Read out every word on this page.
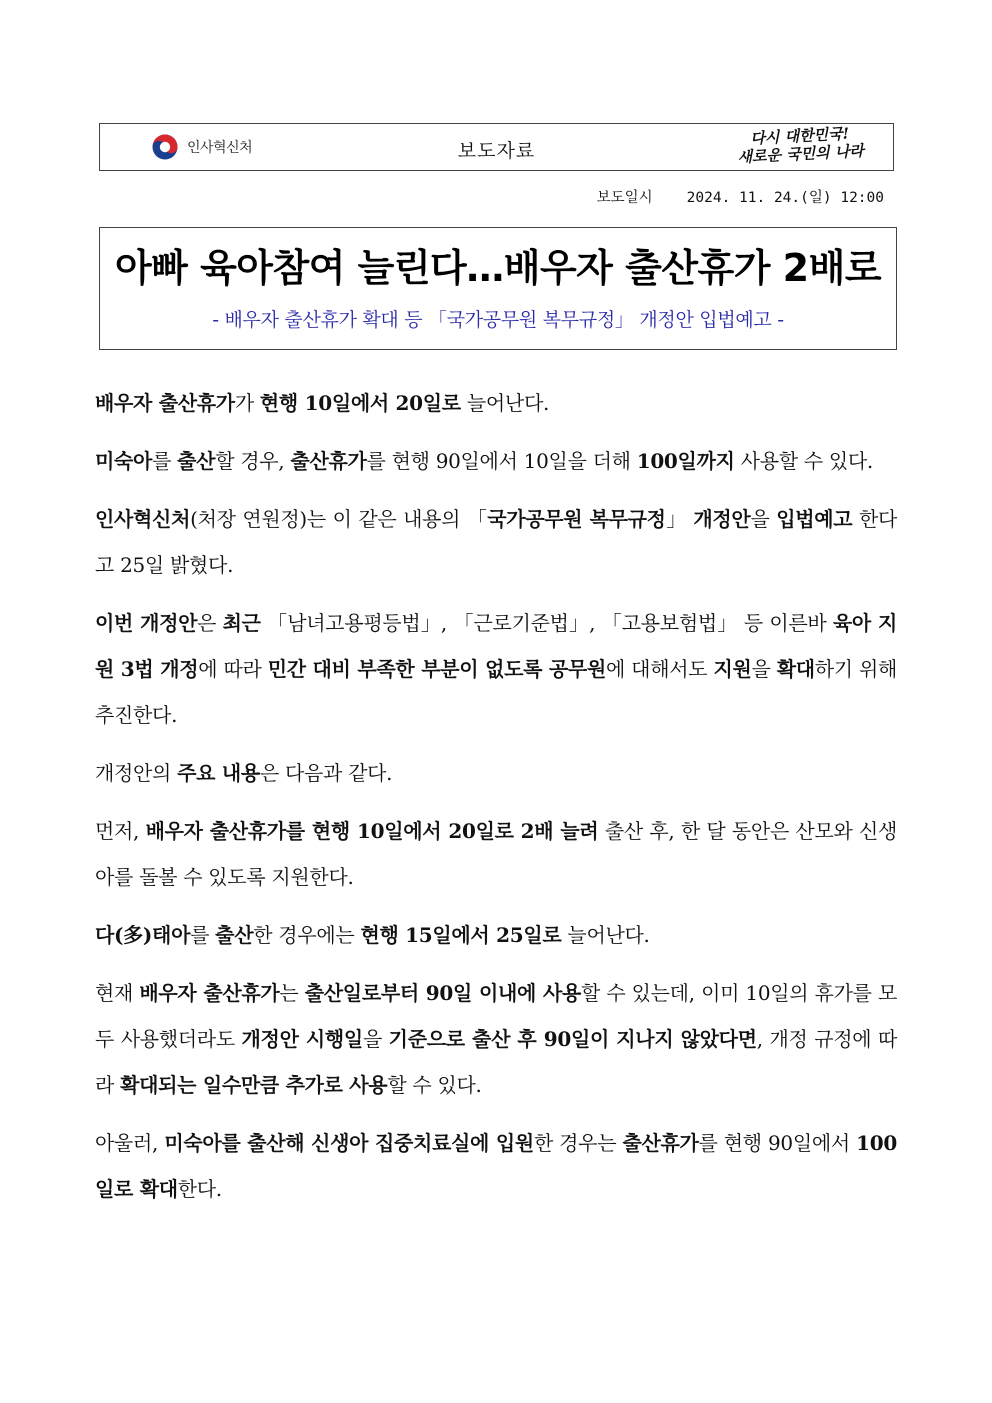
인사혁신처	보도자료
다시 대한민국!
새로운 국민의 나라
보도일시 2024. 11. 24.(일) 12:00
아빠 육아참여 늘린다…배우자 출산휴가 2배로
- 배우자 출산휴가 확대 등 「국가공무원 복무규정」 개정안 입법예고 -

배우자 출산휴가가 현행 10일에서 20일로 늘어난다.

미숙아를 출산할 경우, 출산휴가를 현행 90일에서 10일을 더해 100일까지 사용할 수 있다.

인사혁신처(처장 연원정)는 이 같은 내용의 「국가공무원 복무규정」 개정안을 입법예고 한다고 25일 밝혔다.

이번 개정안은 최근 「남녀고용평등법」, 「근로기준법」, 「고용보험법」 등 이른바 육아 지원 3법 개정에 따라 민간 대비 부족한 부분이 없도록 공무원에 대해서도 지원을 확대하기 위해 추진한다.

개정안의 주요 내용은 다음과 같다.

먼저, 배우자 출산휴가를 현행 10일에서 20일로 2배 늘려 출산 후, 한 달 동안은 산모와 신생아를 돌볼 수 있도록 지원한다.

다(多)태아를 출산한 경우에는 현행 15일에서 25일로 늘어난다.

현재 배우자 출산휴가는 출산일로부터 90일 이내에 사용할 수 있는데, 이미 10일의 휴가를 모두 사용했더라도 개정안 시행일을 기준으로 출산 후 90일이 지나지 않았다면, 개정 규정에 따라 확대되는 일수만큼 추가로 사용할 수 있다.

아울러, 미숙아를 출산해 신생아 집중치료실에 입원한 경우는 출산휴가를 현행 90일에서 100일로 확대한다.
